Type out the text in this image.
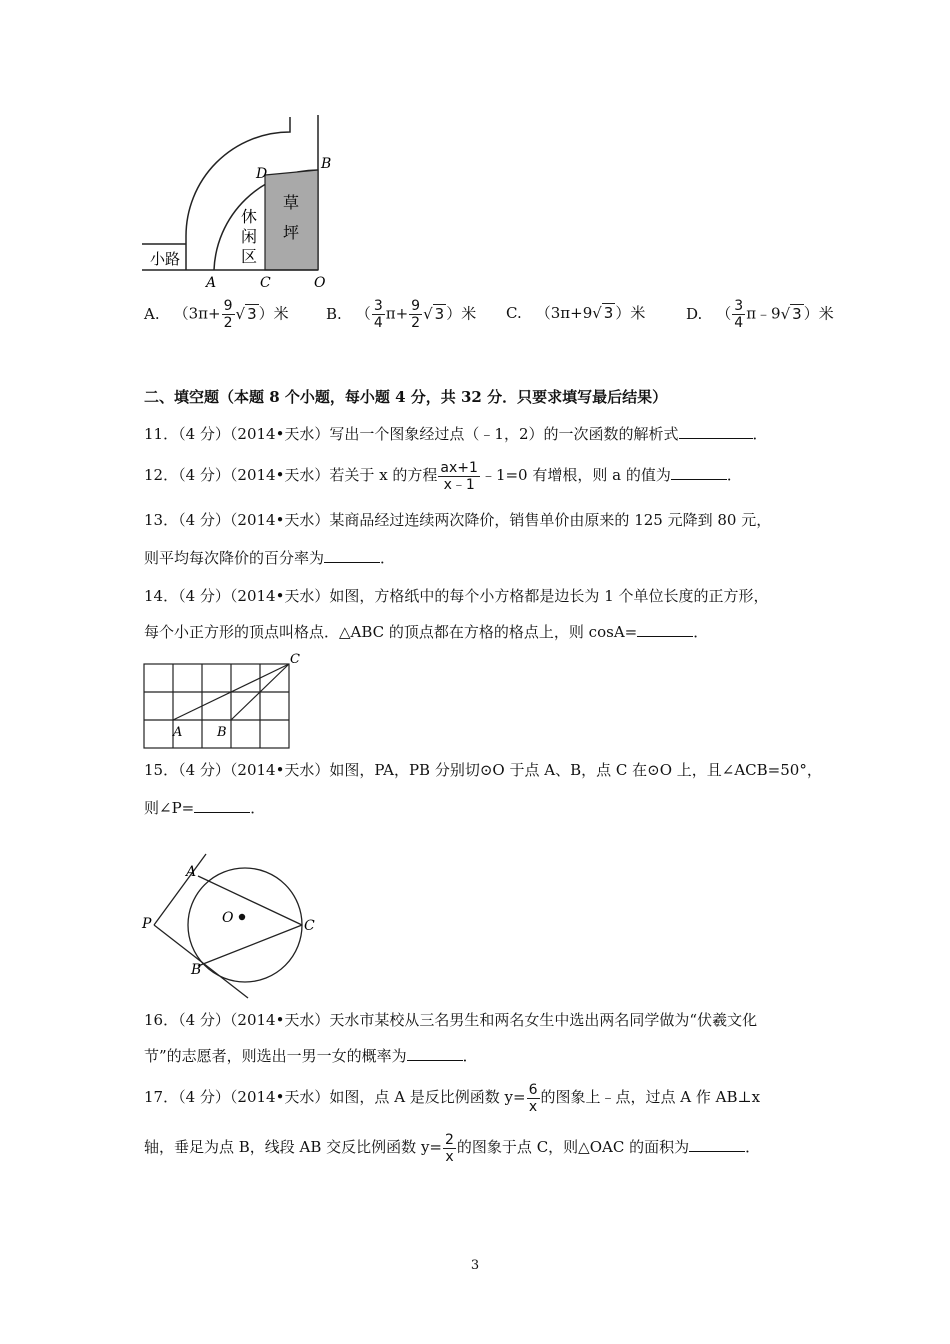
D
B
A	C	O
草
坪
休
闲
区
小路
A. （$3\pi+ \frac{9}{2}$ √ 3 ）米 B. （ $\frac{3}{4} \pi+ \frac{9}{2}$ √ 3 ）米 C. （3π+9√ 3 ）米	D. （ $\frac{3}{4}$ π﹣9√ 3 ）米
二、填空题（本题 8 个小题，每小题 4 分，共 32 分．只要求填写最后结果）
11．（4 分）（2014•天水）写出一个图象经过点（﹣1，2）的一次函数的解析式	．
12．（4 分）（2014•天水）若关于 x 的方程 $\frac{ax+1}{x﹣1}$ ﹣1=0 有增根，则 a 的值为	．
13．（4 分）（2014•天水）某商品经过连续两次降价，销售单价由原来的 125 元降到 80 元，
则平均每次降价的百分率为	．
14．（4 分）（2014•天水）如图，方格纸中的每个小方格都是边长为 1 个单位长度的正方形，
每个小正方形的顶点叫格点．△ABC 的顶点都在方格的格点上，则 cosA=	．
A	B
C
15．（4 分）（2014•天水）如图，PA，PB 分别切⊙O 于点 A、B，点 C 在⊙O 上，且∠ACB=50°，
则∠P=	．
A
P	O	C
B
16．（4 分）（2014•天水）天水市某校从三名男生和两名女生中选出两名同学做为“伏羲文化
节”的志愿者，则选出一男一女的概率为	．
17．（4 分）（2014•天水）如图，点 A 是反比例函数 $y= \frac{6}{x}$ 的图象上﹣点，过点 A 作 AB⊥x
轴，垂足为点 B，线段 AB 交反比例函数 $y= \frac{2}{x}$ 的图象于点 C，则△OAC 的面积为	．
3
